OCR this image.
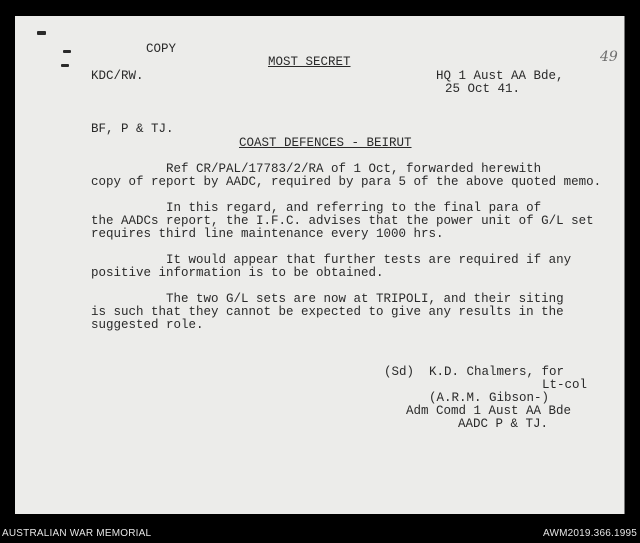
COPY
MOST SECRET	49
KDC/RW.	HQ 1 Aust AA Bde,
25 Oct 41.
BF, P & TJ.
COAST DEFENCES - BEIRUT
Ref CR/PAL/17783/2/RA of 1 Oct, forwarded herewith
copy of report by AADC, required by para 5 of the above quoted memo.
In this regard, and referring to the final para of
the AADCs report, the I.F.C. advises that the power unit of G/L set
requires third line maintenance every 1000 hrs.
It would appear that further tests are required if any
positive information is to be obtained.
The two G/L sets are now at TRIPOLI, and their siting
is such that they cannot be expected to give any results in the
suggested role.
(Sd)  K.D. Chalmers, for
Lt-col
(A.R.M. Gibson-)
Adm Comd 1 Aust AA Bde
AADC P & TJ.
AUSTRALIAN WAR MEMORIAL	AWM2019.366.1995
